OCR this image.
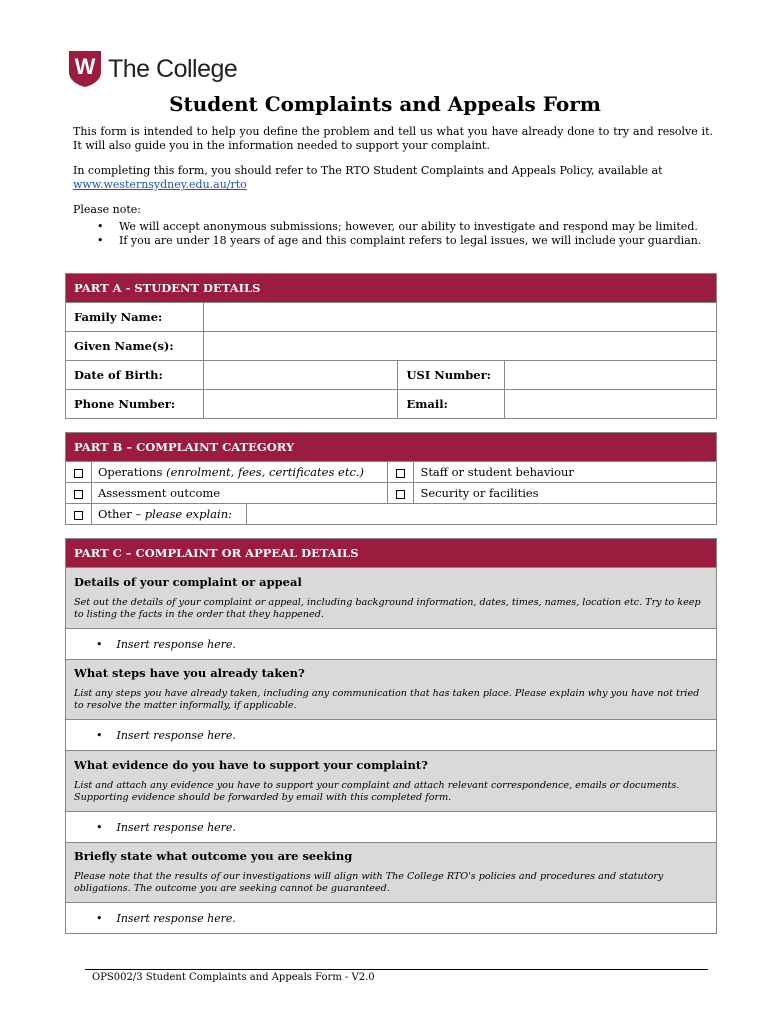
W The College
Student Complaints and Appeals Form

This form is intended to help you define the problem and tell us what you have already done to try and resolve it. It will also guide you in the information needed to support your complaint.

In completing this form, you should refer to The RTO Student Complaints and Appeals Policy, available at
www.westernsydney.edu.au/rto

Please note:
• We will accept anonymous submissions; however, our ability to investigate and respond may be limited.
• If you are under 18 years of age and this complaint refers to legal issues, we will include your guardian.
PART A - STUDENT DETAILS			
Family Name:			
Given Name(s):			
Date of Birth:		USI Number:	
Phone Number:		Email:	
PART B – COMPLAINT CATEGORY				
	Operations (enrolment, fees, certificates etc.)			Staff or student behaviour
	Assessment outcome			Security or facilities
	Other – please explain:			
PART C – COMPLAINT OR APPEAL DETAILS

Details of your complaint or appeal
Set out the details of your complaint or appeal, including background information, dates, times, names, location etc. Try to keep to listing the facts in the order that they happened.

• Insert response here.

What steps have you already taken?
List any steps you have already taken, including any communication that has taken place. Please explain why you have not tried to resolve the matter informally, if applicable.

• Insert response here.

What evidence do you have to support your complaint?
List and attach any evidence you have to support your complaint and attach relevant correspondence, emails or documents. Supporting evidence should be forwarded by email with this completed form.

• Insert response here.

Briefly state what outcome you are seeking
Please note that the results of our investigations will align with The College RTO's policies and procedures and statutory obligations. The outcome you are seeking cannot be guaranteed.

• Insert response here.
OPS002/3 Student Complaints and Appeals Form - V2.0
